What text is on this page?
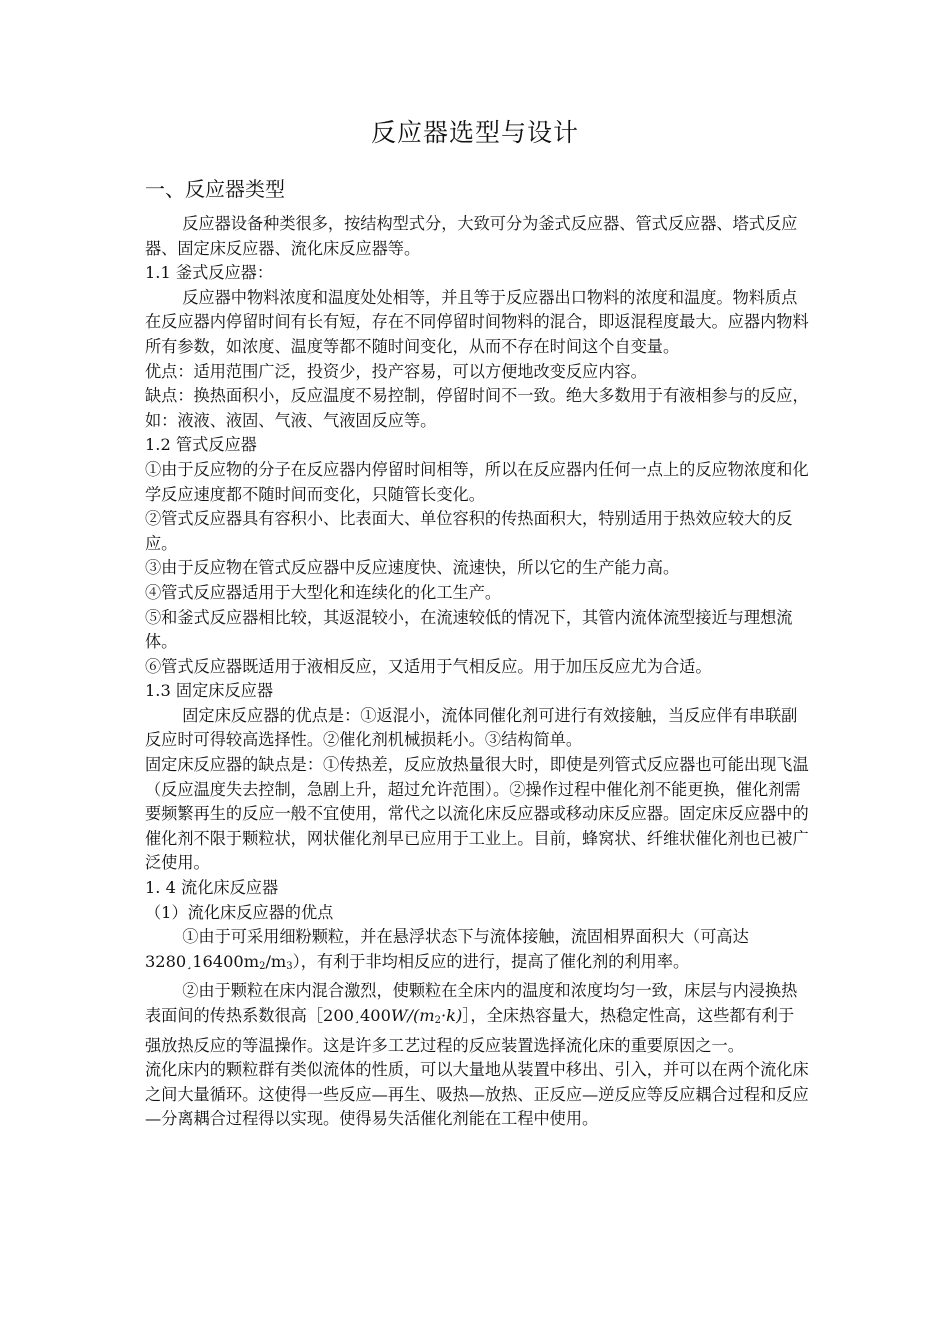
反应器选型与设计
一、反应器类型

反应器设备种类很多，按结构型式分，大致可分为釜式反应器、管式反应器、塔式反应器、固定床反应器、流化床反应器等。

1.1 釜式反应器：

反应器中物料浓度和温度处处相等，并且等于反应器出口物料的浓度和温度。物料质点在反应器内停留时间有长有短，存在不同停留时间物料的混合，即返混程度最大。应器内物料所有参数，如浓度、温度等都不随时间变化，从而不存在时间这个自变量。

优点：适用范围广泛，投资少，投产容易，可以方便地改变反应内容。

缺点：换热面积小，反应温度不易控制，停留时间不一致。绝大多数用于有液相参与的反应，如：液液、液固、气液、气液固反应等。

1.2 管式反应器

①由于反应物的分子在反应器内停留时间相等，所以在反应器内任何一点上的反应物浓度和化学反应速度都不随时间而变化，只随管长变化。

②管式反应器具有容积小、比表面大、单位容积的传热面积大，特别适用于热效应较大的反应。

③由于反应物在管式反应器中反应速度快、流速快，所以它的生产能力高。

④管式反应器适用于大型化和连续化的化工生产。

⑤和釜式反应器相比较，其返混较小，在流速较低的情况下，其管内流体流型接近与理想流体。

⑥管式反应器既适用于液相反应，又适用于气相反应。用于加压反应尤为合适。

1.3 固定床反应器

固定床反应器的优点是：①返混小，流体同催化剂可进行有效接触，当反应伴有串联副反应时可得较高选择性。②催化剂机械损耗小。③结构简单。

固定床反应器的缺点是：①传热差，反应放热量很大时，即使是列管式反应器也可能出现飞温（反应温度失去控制，急剧上升，超过允许范围）。②操作过程中催化剂不能更换，催化剂需要频繁再生的反应一般不宜使用，常代之以流化床反应器或移动床反应器。固定床反应器中的催化剂不限于颗粒状，网状催化剂早已应用于工业上。目前，蜂窝状、纤维状催化剂也已被广泛使用。

1. 4 流化床反应器

（1）流化床反应器的优点

①由于可采用细粉颗粒，并在悬浮状态下与流体接触，流固相界面积大（可高达$3280¸16400m_2/m_3$），有利于非均相反应的进行，提高了催化剂的利用率。

②由于颗粒在床内混合激烈，使颗粒在全床内的温度和浓度均匀一致，床层与内浸换热表面间的传热系数很高$[200¸400W/(m_2\cdot k)]$，全床热容量大，热稳定性高，这些都有利于强放热反应的等温操作。这是许多工艺过程的反应装置选择流化床的重要原因之一。

流化床内的颗粒群有类似流体的性质，可以大量地从装置中移出、引入，并可以在两个流化床之间大量循环。这使得一些反应—再生、吸热—放热、正反应—逆反应等反应耦合过程和反应—分离耦合过程得以实现。使得易失活催化剂能在工程中使用。
